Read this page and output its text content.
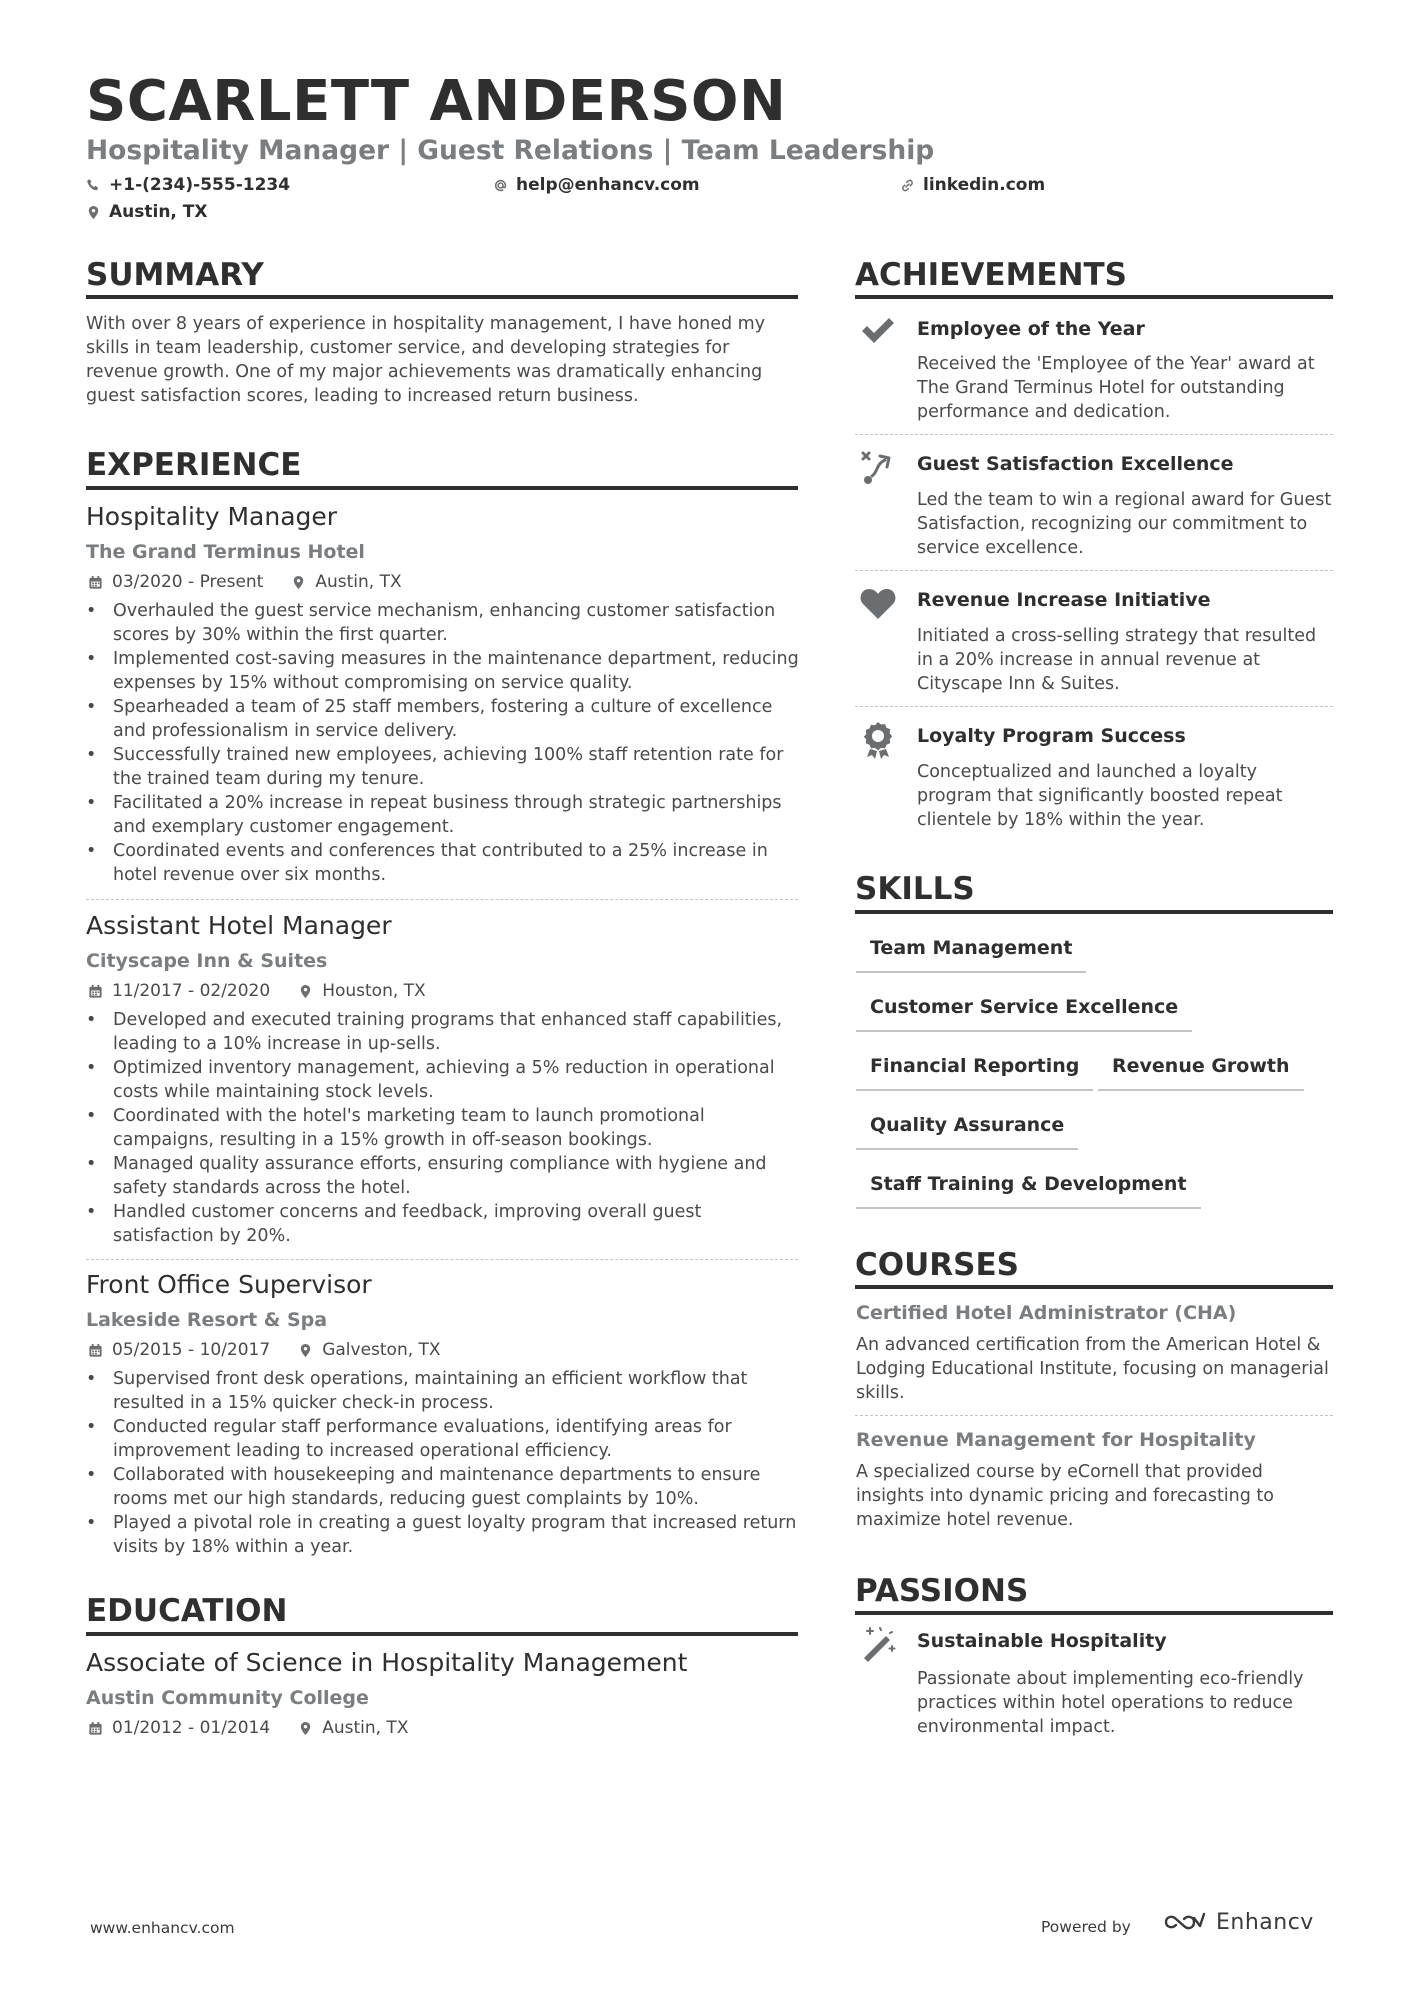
SCARLETT ANDERSON
Hospitality Manager | Guest Relations | Team Leadership
+1-(234)-555-1234	help@enhancv.com	linkedin.com
Austin, TX
SUMMARY
With over 8 years of experience in hospitality management, I have honed my skills in team leadership, customer service, and developing strategies for revenue growth. One of my major achievements was dramatically enhancing guest satisfaction scores, leading to increased return business.
EXPERIENCE
Hospitality Manager
The Grand Terminus Hotel
03/2020 - Present	Austin, TX
• Overhauled the guest service mechanism, enhancing customer satisfaction scores by 30% within the first quarter.
• Implemented cost-saving measures in the maintenance department, reducing expenses by 15% without compromising on service quality.
• Spearheaded a team of 25 staff members, fostering a culture of excellence and professionalism in service delivery.
• Successfully trained new employees, achieving 100% staff retention rate for the trained team during my tenure.
• Facilitated a 20% increase in repeat business through strategic partnerships and exemplary customer engagement.
• Coordinated events and conferences that contributed to a 25% increase in hotel revenue over six months.
Assistant Hotel Manager
Cityscape Inn & Suites
11/2017 - 02/2020	Houston, TX
• Developed and executed training programs that enhanced staff capabilities, leading to a 10% increase in up-sells.
• Optimized inventory management, achieving a 5% reduction in operational costs while maintaining stock levels.
• Coordinated with the hotel's marketing team to launch promotional campaigns, resulting in a 15% growth in off-season bookings.
• Managed quality assurance efforts, ensuring compliance with hygiene and safety standards across the hotel.
• Handled customer concerns and feedback, improving overall guest satisfaction by 20%.
Front Office Supervisor
Lakeside Resort & Spa
05/2015 - 10/2017	Galveston, TX
• Supervised front desk operations, maintaining an efficient workflow that resulted in a 15% quicker check-in process.
• Conducted regular staff performance evaluations, identifying areas for improvement leading to increased operational efficiency.
• Collaborated with housekeeping and maintenance departments to ensure rooms met our high standards, reducing guest complaints by 10%.
• Played a pivotal role in creating a guest loyalty program that increased return visits by 18% within a year.
EDUCATION
Associate of Science in Hospitality Management
Austin Community College
01/2012 - 01/2014	Austin, TX
ACHIEVEMENTS
Employee of the Year
Received the 'Employee of the Year' award at The Grand Terminus Hotel for outstanding performance and dedication.
Guest Satisfaction Excellence
Led the team to win a regional award for Guest Satisfaction, recognizing our commitment to service excellence.
Revenue Increase Initiative
Initiated a cross-selling strategy that resulted in a 20% increase in annual revenue at Cityscape Inn & Suites.
Loyalty Program Success
Conceptualized and launched a loyalty program that significantly boosted repeat clientele by 18% within the year.
SKILLS
Team Management
Customer Service Excellence
Financial Reporting	Revenue Growth
Quality Assurance
Staff Training & Development
COURSES
Certified Hotel Administrator (CHA)
An advanced certification from the American Hotel & Lodging Educational Institute, focusing on managerial skills.
Revenue Management for Hospitality
A specialized course by eCornell that provided insights into dynamic pricing and forecasting to maximize hotel revenue.
PASSIONS
Sustainable Hospitality
Passionate about implementing eco-friendly practices within hotel operations to reduce environmental impact.
www.enhancv.com	Powered by	Enhancv
